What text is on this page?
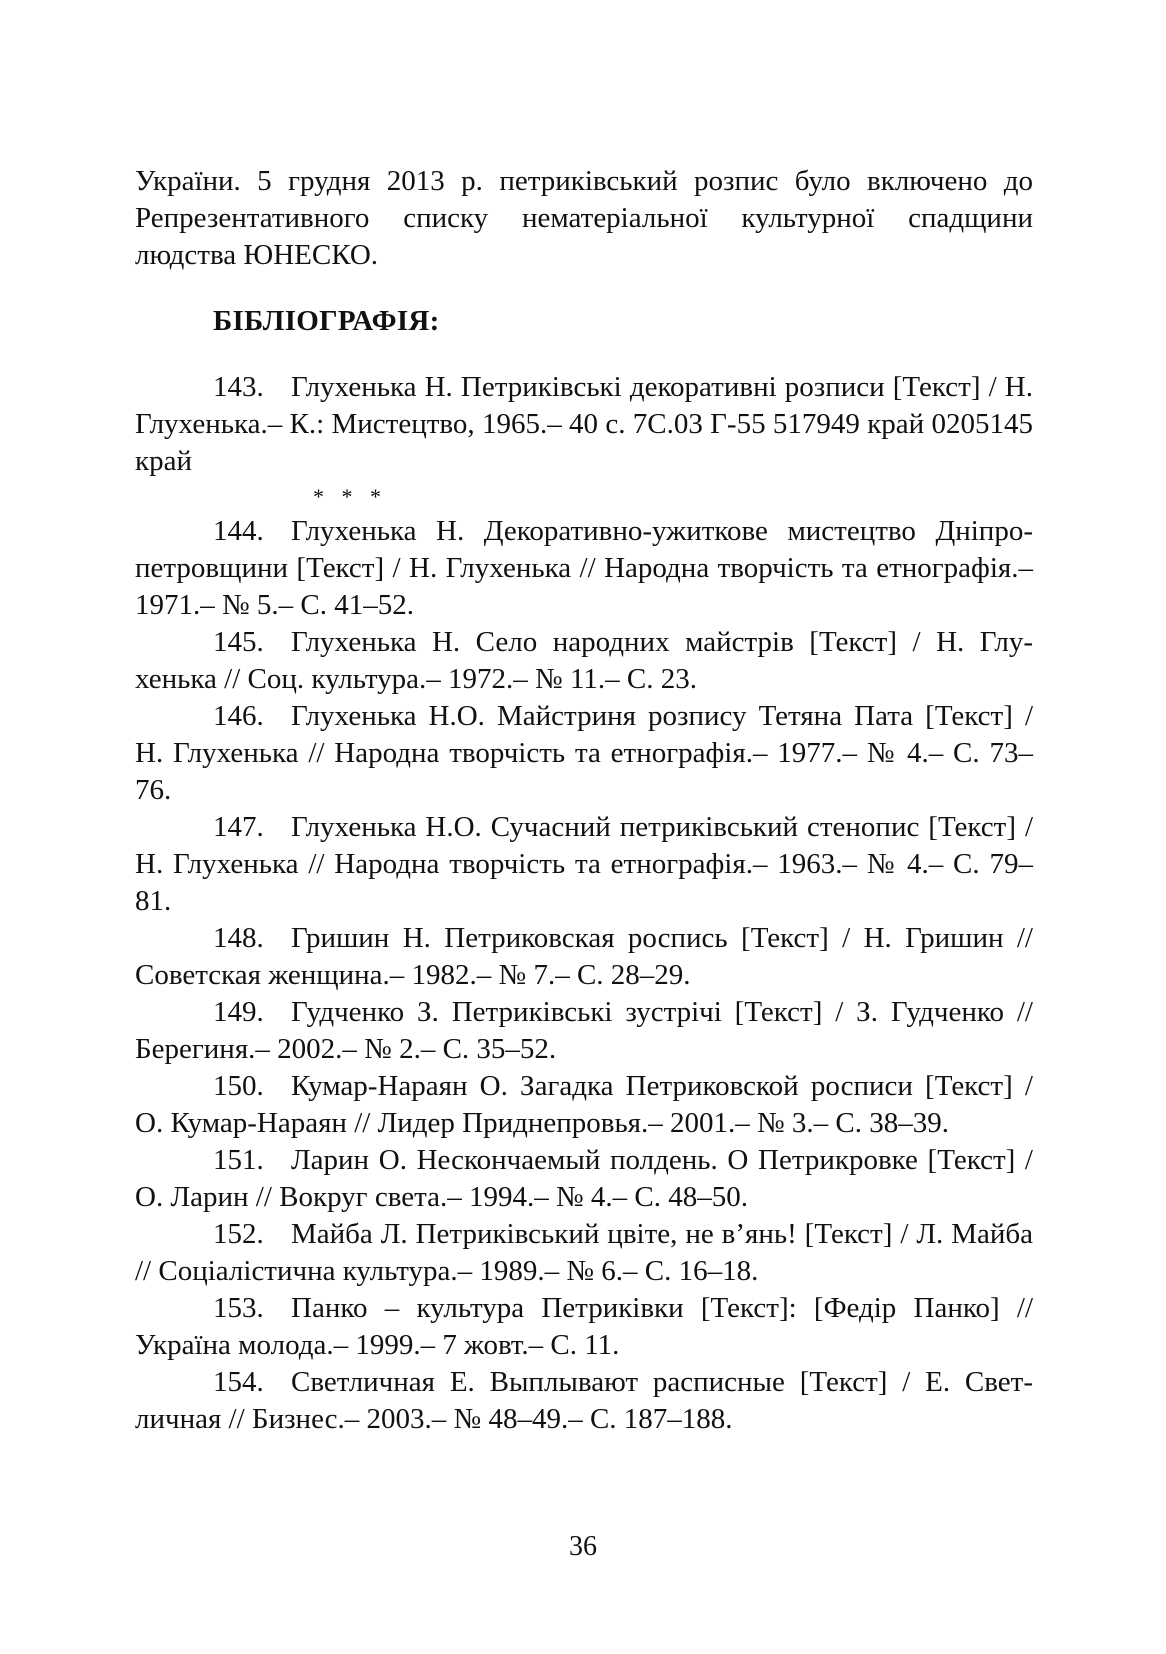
України. 5 грудня 2013 р. петриківський розпис було включено до Репрезентативного списку нематеріальної культурної спадщини людства ЮНЕСКО.

БІБЛІОГРАФІЯ:
143. Глухенька Н. Петриківські декоративні розписи [Текст] / Н. Глухенька.– К.: Мистецтво, 1965.– 40 с. 7С.03 Г-55 517949 край 0205145 край
* * *
144. Глухенька Н. Декоративно-ужиткове мистецтво Дніпропетровщини [Текст] / Н. Глухенька // Народна творчість та етнографія.– 1971.– № 5.– С. 41–52.
145. Глухенька Н. Село народних майстрів [Текст] / Н. Глухенька // Соц. культура.– 1972.– № 11.– С. 23.
146. Глухенька Н.О. Майстриня розпису Тетяна Пата [Текст] / Н. Глухенька // Народна творчість та етнографія.– 1977.– № 4.– С. 73–76.
147. Глухенька Н.О. Сучасний петриківський стенопис [Текст] / Н. Глухенька // Народна творчість та етнографія.– 1963.– № 4.– С. 79–81.
148. Гришин Н. Петриковская роспись [Текст] / Н. Гришин // Советская женщина.– 1982.– № 7.– С. 28–29.
149. Гудченко З. Петриківські зустрічі [Текст] / З. Гудченко // Берегиня.– 2002.– № 2.– С. 35–52.
150. Кумар-Нараян О. Загадка Петриковской росписи [Текст] / О. Кумар-Нараян // Лидер Приднепровья.– 2001.– № 3.– С. 38–39.
151. Ларин О. Нескончаемый полдень. О Петрикровке [Текст] / О. Ларин // Вокруг света.– 1994.– № 4.– С. 48–50.
152. Майба Л. Петриківський цвіте, не в’янь! [Текст] / Л. Майба // Соціалістична культура.– 1989.– № 6.– С. 16–18.
153. Панко – культура Петриківки [Текст]: [Федір Панко] // Україна молода.– 1999.– 7 жовт.– С. 11.
154. Светличная Е. Выплывают расписные [Текст] / Е. Светличная // Бизнес.– 2003.– № 48–49.– С. 187–188.
36
